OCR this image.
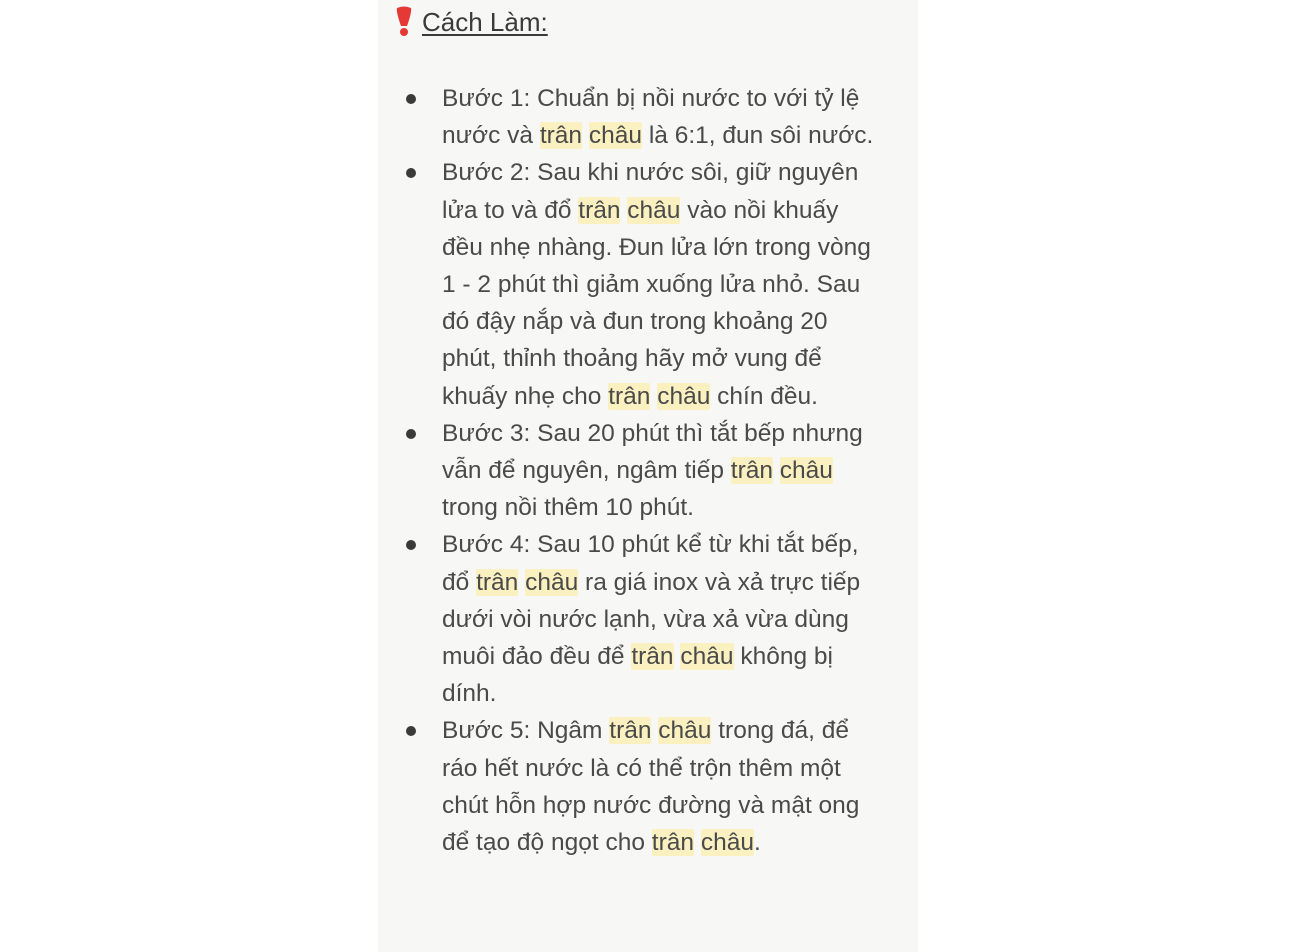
Cách Làm:
Bước 1: Chuẩn bị nồi nước to với tỷ lệ
nước và trân châu là 6:1, đun sôi nước.
Bước 2: Sau khi nước sôi, giữ nguyên
lửa to và đổ trân châu vào nồi khuấy
đều nhẹ nhàng. Đun lửa lớn trong vòng
1 - 2 phút thì giảm xuống lửa nhỏ. Sau
đó đậy nắp và đun trong khoảng 20
phút, thỉnh thoảng hãy mở vung để
khuấy nhẹ cho trân châu chín đều.
Bước 3: Sau 20 phút thì tắt bếp nhưng
vẫn để nguyên, ngâm tiếp trân châu
trong nồi thêm 10 phút.
Bước 4: Sau 10 phút kể từ khi tắt bếp,
đổ trân châu ra giá inox và xả trực tiếp
dưới vòi nước lạnh, vừa xả vừa dùng
muôi đảo đều để trân châu không bị
dính.
Bước 5: Ngâm trân châu trong đá, để
ráo hết nước là có thể trộn thêm một
chút hỗn hợp nước đường và mật ong
để tạo độ ngọt cho trân châu.
